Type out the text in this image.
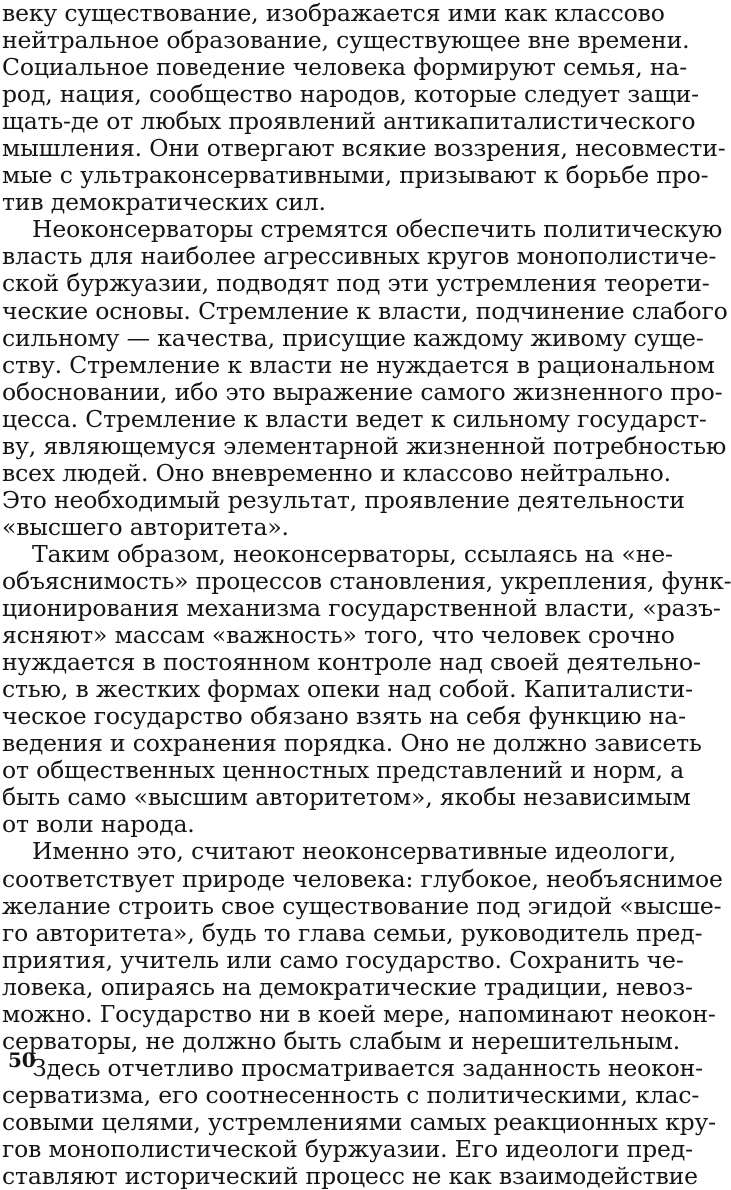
веку существование, изображается ими как классово
нейтральное образование, существующее вне времени.
Социальное поведение человека формируют семья, на-
род, нация, сообщество народов, которые следует защи-
щать-де от любых проявлений антикапиталистического
мышления. Они отвергают всякие воззрения, несовмести-
мые с ультраконсервативными, призывают к борьбе про-
тив демократических сил.
Неоконсерваторы стремятся обеспечить политическую
власть для наиболее агрессивных кругов монополистиче-
ской буржуазии, подводят под эти устремления теорети-
ческие основы. Стремление к власти, подчинение слабого
сильному — качества, присущие каждому живому суще-
ству. Стремление к власти не нуждается в рациональном
обосновании, ибо это выражение самого жизненного про-
цесса. Стремление к власти ведет к сильному государст-
ву, являющемуся элементарной жизненной потребностью
всех людей. Оно вневременно и классово нейтрально.
Это необходимый результат, проявление деятельности
«высшего авторитета».
Таким образом, неоконсерваторы, ссылаясь на «не-
объяснимость» процессов становления, укрепления, функ-
ционирования механизма государственной власти, «разъ-
ясняют» массам «важность» того, что человек срочно
нуждается в постоянном контроле над своей деятельно-
стью, в жестких формах опеки над собой. Капиталисти-
ческое государство обязано взять на себя функцию на-
ведения и сохранения порядка. Оно не должно зависеть
от общественных ценностных представлений и норм, а
быть само «высшим авторитетом», якобы независимым
от воли народа.
Именно это, считают неоконсервативные идеологи,
соответствует природе человека: глубокое, необъяснимое
желание строить свое существование под эгидой «высше-
го авторитета», будь то глава семьи, руководитель пред-
приятия, учитель или само государство. Сохранить че-
ловека, опираясь на демократические традиции, невоз-
можно. Государство ни в коей мере, напоминают неокон-
серваторы, не должно быть слабым и нерешительным.
Здесь отчетливо просматривается заданность неокон-
серватизма, его соотнесенность с политическими, клас-
совыми целями, устремлениями самых реакционных кру-
гов монополистической буржуазии. Его идеологи пред-
ставляют исторический процесс не как взаимодействие
50
